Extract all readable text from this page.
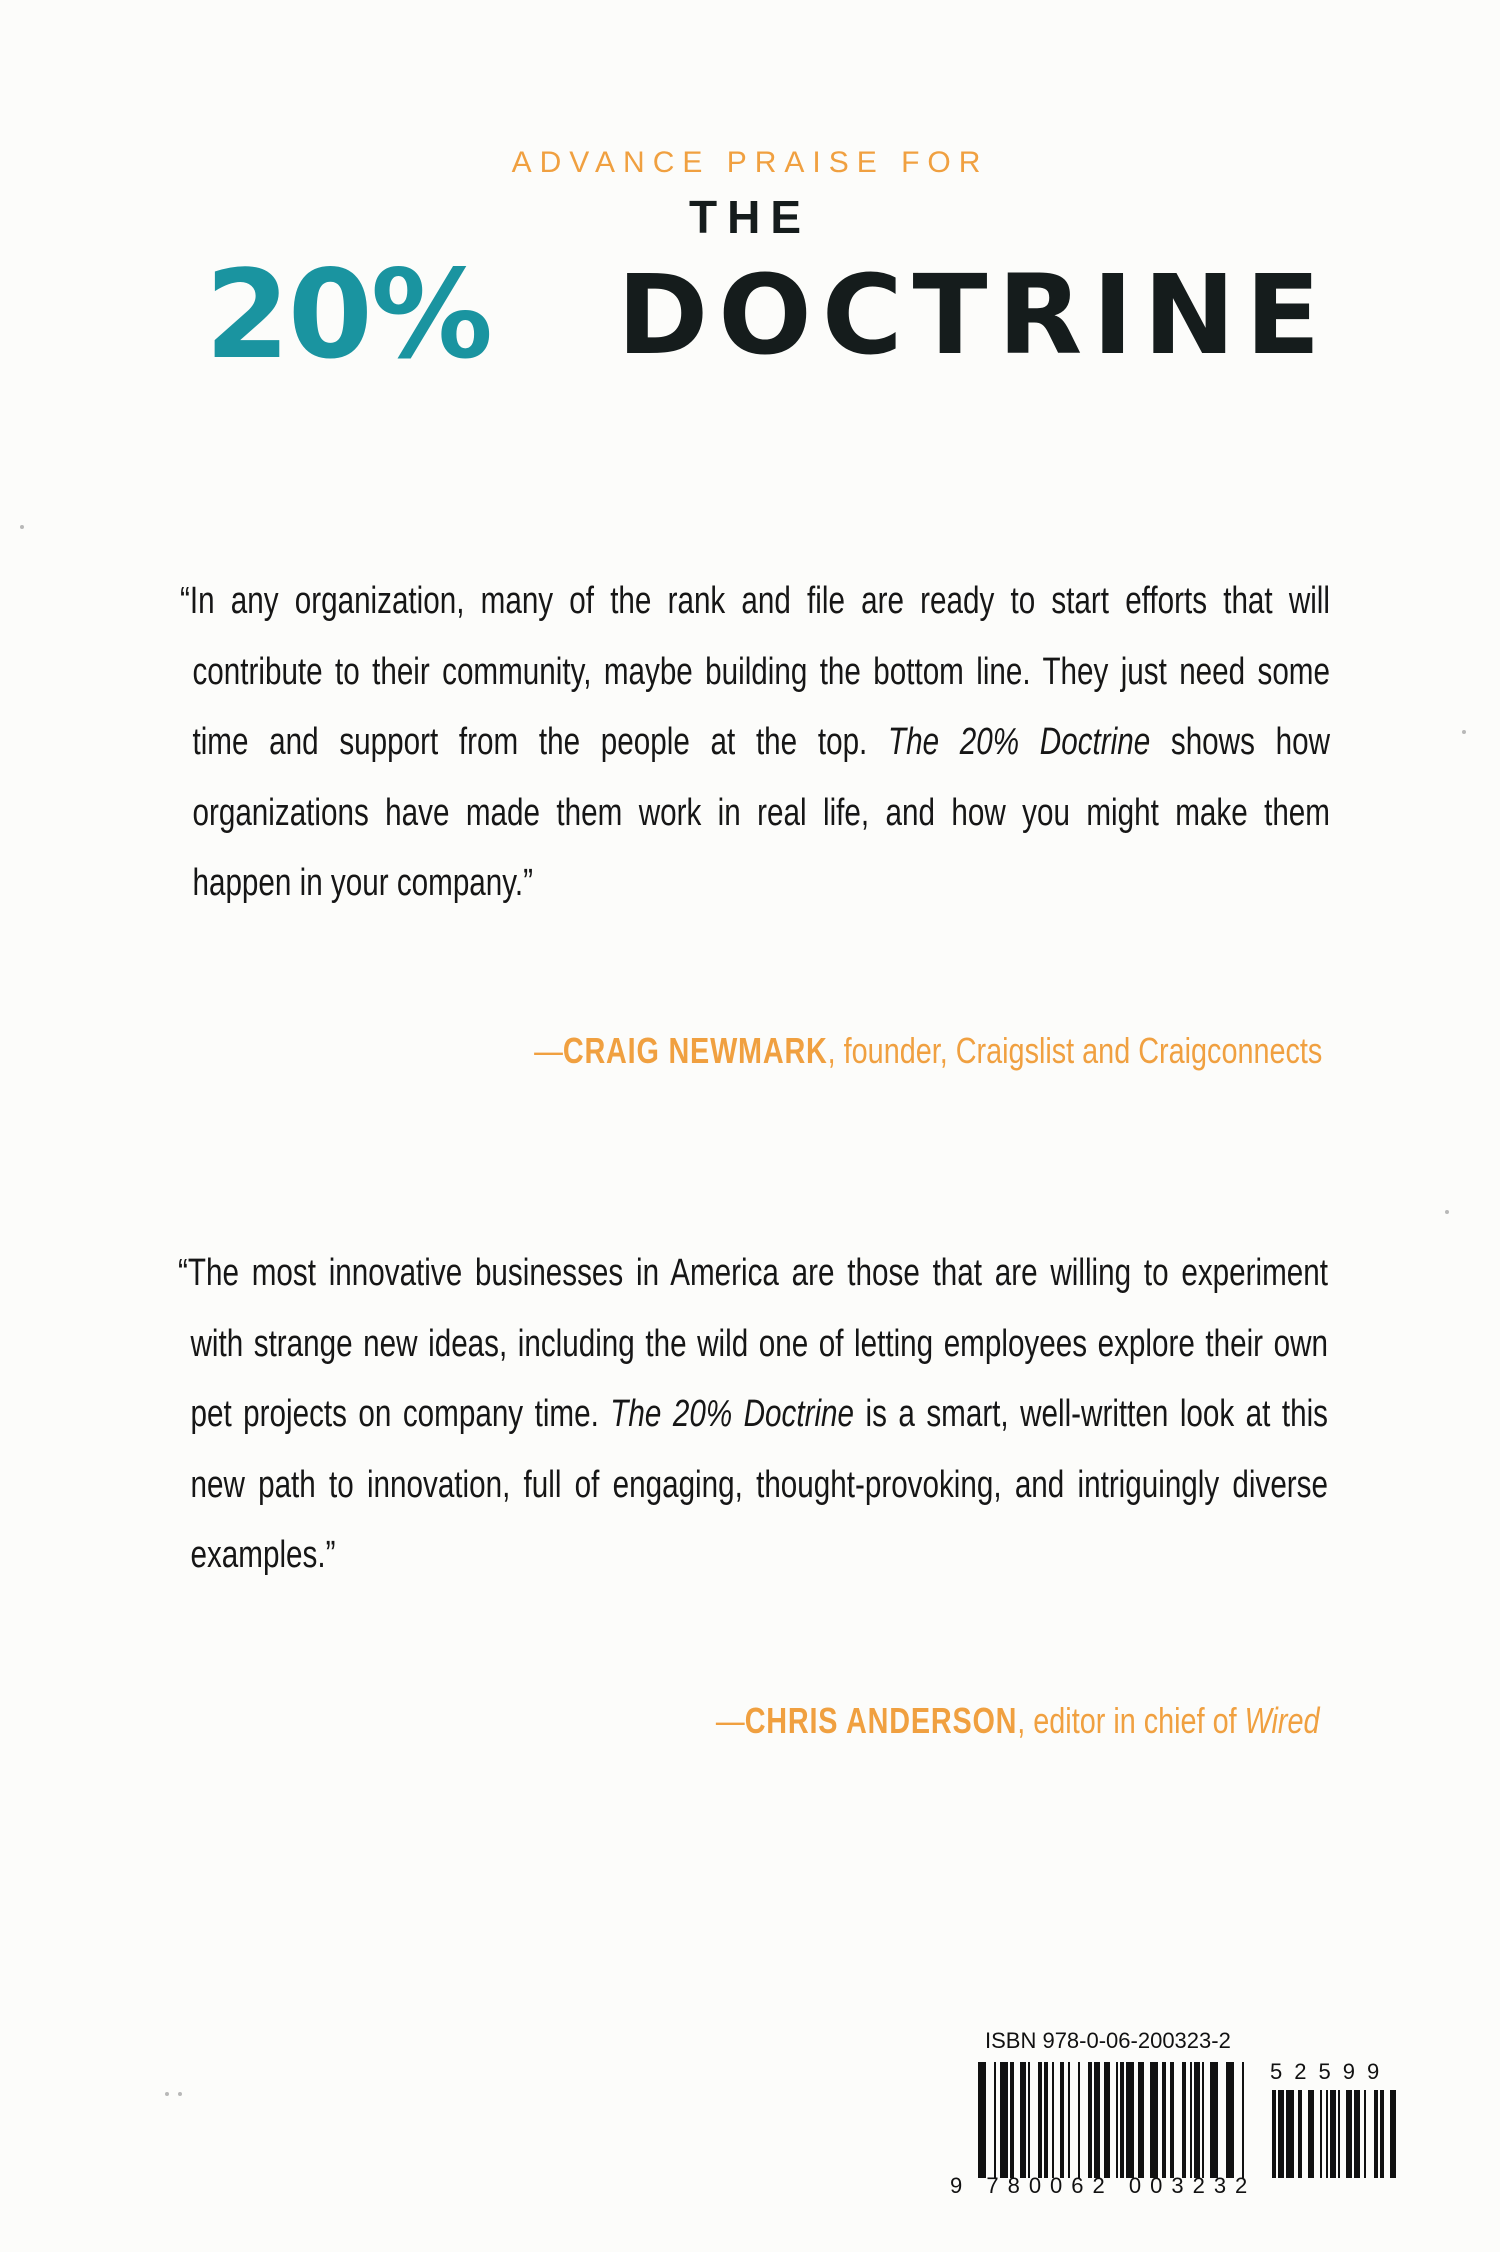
ADVANCE PRAISE FOR
THE
20% DOCTRINE

“In any organization, many of the rank and file are ready to start efforts that will contribute to their community, maybe building the bottom line. They just need some time and support from the people at the top. The 20% Doctrine shows how organizations have made them work in real life, and how you might make them happen in your company.”

—CRAIG NEWMARK, founder, Craigslist and Craigconnects

“The most innovative businesses in America are those that are willing to experiment with strange new ideas, including the wild one of letting employees explore their own pet projects on company time. The 20% Doctrine is a smart, well-written look at this new path to innovation, full of engaging, thought-provoking, and intriguingly diverse examples.”

—CHRIS ANDERSON, editor in chief of Wired
ISBN 978-0-06-200323-2
52599
9 780062 003232
